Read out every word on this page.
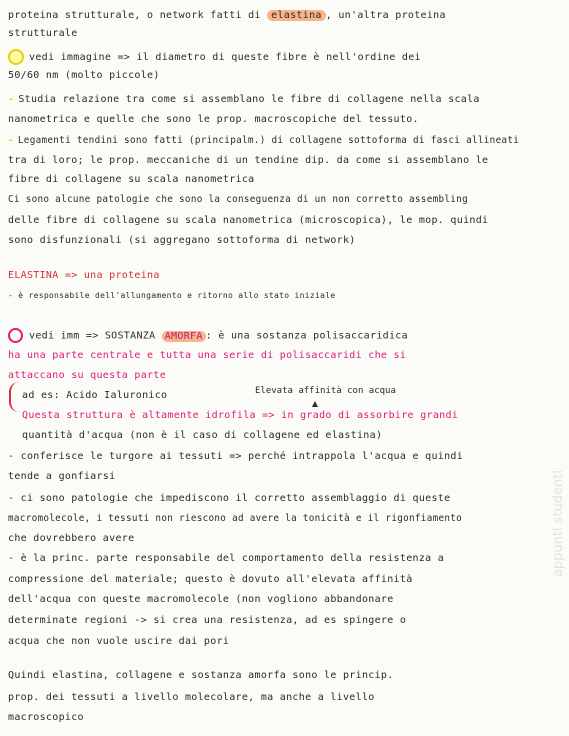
proteina strutturale, o network fatti di elastina , un'altra proteina
strutturale
vedi immagine => il diametro di queste fibre è nell'ordine dei
50/60 nm (molto piccole)
- Studia relazione tra come si assemblano le fibre di collagene nella scala
nanometrica e quelle che sono le prop. macroscopiche del tessuto.
- Legamenti tendini sono fatti (principalm.) di collagene sottoforma di fasci allineati
tra di loro; le prop. meccaniche di un tendine dip. da come si assemblano le
fibre di collagene su scala nanometrica
Ci sono alcune patologie che sono la conseguenza di un non corretto assembling
delle fibre di collagene su scala nanometrica (microscopica), le mop. quindi
sono disfunzionali (si aggregano sottoforma di network)
ELASTINA => una proteina
- è responsabile dell'allungamento e ritorno allo stato iniziale
vedi imm => SOSTANZA AMORFA : è una sostanza polisaccaridica
ha una parte centrale e tutta una serie di polisaccaridi che si
attaccano su questa parte
ad es: Acido Ialuronico	Elevata affinità con acqua
Questa struttura è altamente idrofila => in grado di assorbire grandi
quantità d'acqua (non è il caso di collagene ed elastina)
- conferisce le turgore ai tessuti => perché intrappola l'acqua e quindi
tende a gonfiarsi
- ci sono patologie che impediscono il corretto assemblaggio di queste
macromolecole, i tessuti non riescono ad avere la tonicità e il rigonfiamento
che dovrebbero avere
- è la princ. parte responsabile del comportamento della resistenza a
compressione del materiale; questo è dovuto all'elevata affinità
dell'acqua con queste macromolecole (non vogliono abbandonare
determinate regioni -> si crea una resistenza, ad es spingere o
acqua che non vuole uscire dai pori
Quindi elastina, collagene e sostanza amorfa sono le princip.
prop. dei tessuti a livello molecolare, ma anche a livello
macroscopico
appunti studenti
